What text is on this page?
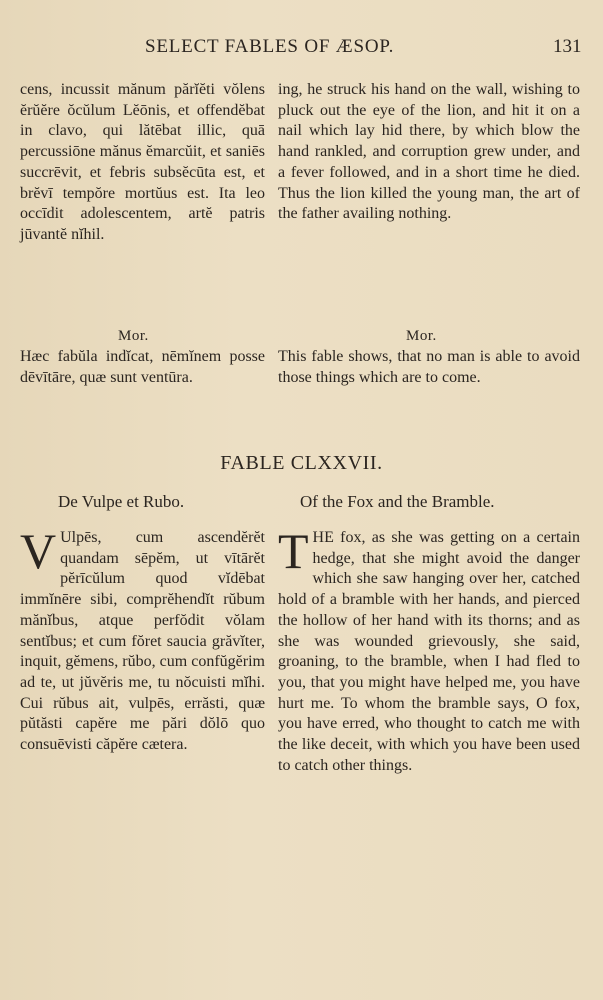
SELECT FABLES OF ÆSOP.	131

cens, incussit mănum părĭĕti vŏlens ĕrŭĕre ŏcŭlum Lĕōnis, et offendĕbat in clavo, qui lătēbat illic, quā percussiōne mănus ĕmarcŭit, et saniēs succrēvit, et febris subsĕcūta est, et brĕvī tempŏre mortŭus est. Ita leo occīdit adolescentem, artĕ patris jūvantĕ nĭhil.

ing, he struck his hand on the wall, wishing to pluck out the eye of the lion, and hit it on a nail which lay hid there, by which blow the hand rankled, and corruption grew under, and a fever followed, and in a short time he died. Thus the lion killed the young man, the art of the father availing nothing.

Mor.	Mor.

Hæc fabŭla indĭcat, nēmĭnem posse dēvītāre, quæ sunt ventūra.

This fable shows, that no man is able to avoid those things which are to come.

FABLE CLXXVII.
De Vulpe et Rubo.	Of the Fox and the Bramble.
V Ulpēs, cum ascendĕrĕt quandam sēpĕm, ut vītārĕt pĕrīcŭlum quod vĭdēbat immĭnēre sibi, comprĕhendĭt rŭbum mănĭbus, atque perfŏdit vŏlam sentĭbus; et cum fŏret saucia grăvĭter, inquit, gĕmens, rŭbo, cum confŭgĕrim ad te, ut jŭvĕris me, tu nŏcuisti mĭhi. Cui rŭbus ait, vulpēs, errăsti, quæ pŭtăsti capĕre me pări dŏlō quo consuēvisti căpĕre cætera.

T HE fox, as she was getting on a certain hedge, that she might avoid the danger which she saw hanging over her, catched hold of a bramble with her hands, and pierced the hollow of her hand with its thorns; and as she was wounded grievously, she said, groaning, to the bramble, when I had fled to you, that you might have helped me, you have hurt me. To whom the bramble says, O fox, you have erred, who thought to catch me with the like deceit, with which you have been used to catch other things.
